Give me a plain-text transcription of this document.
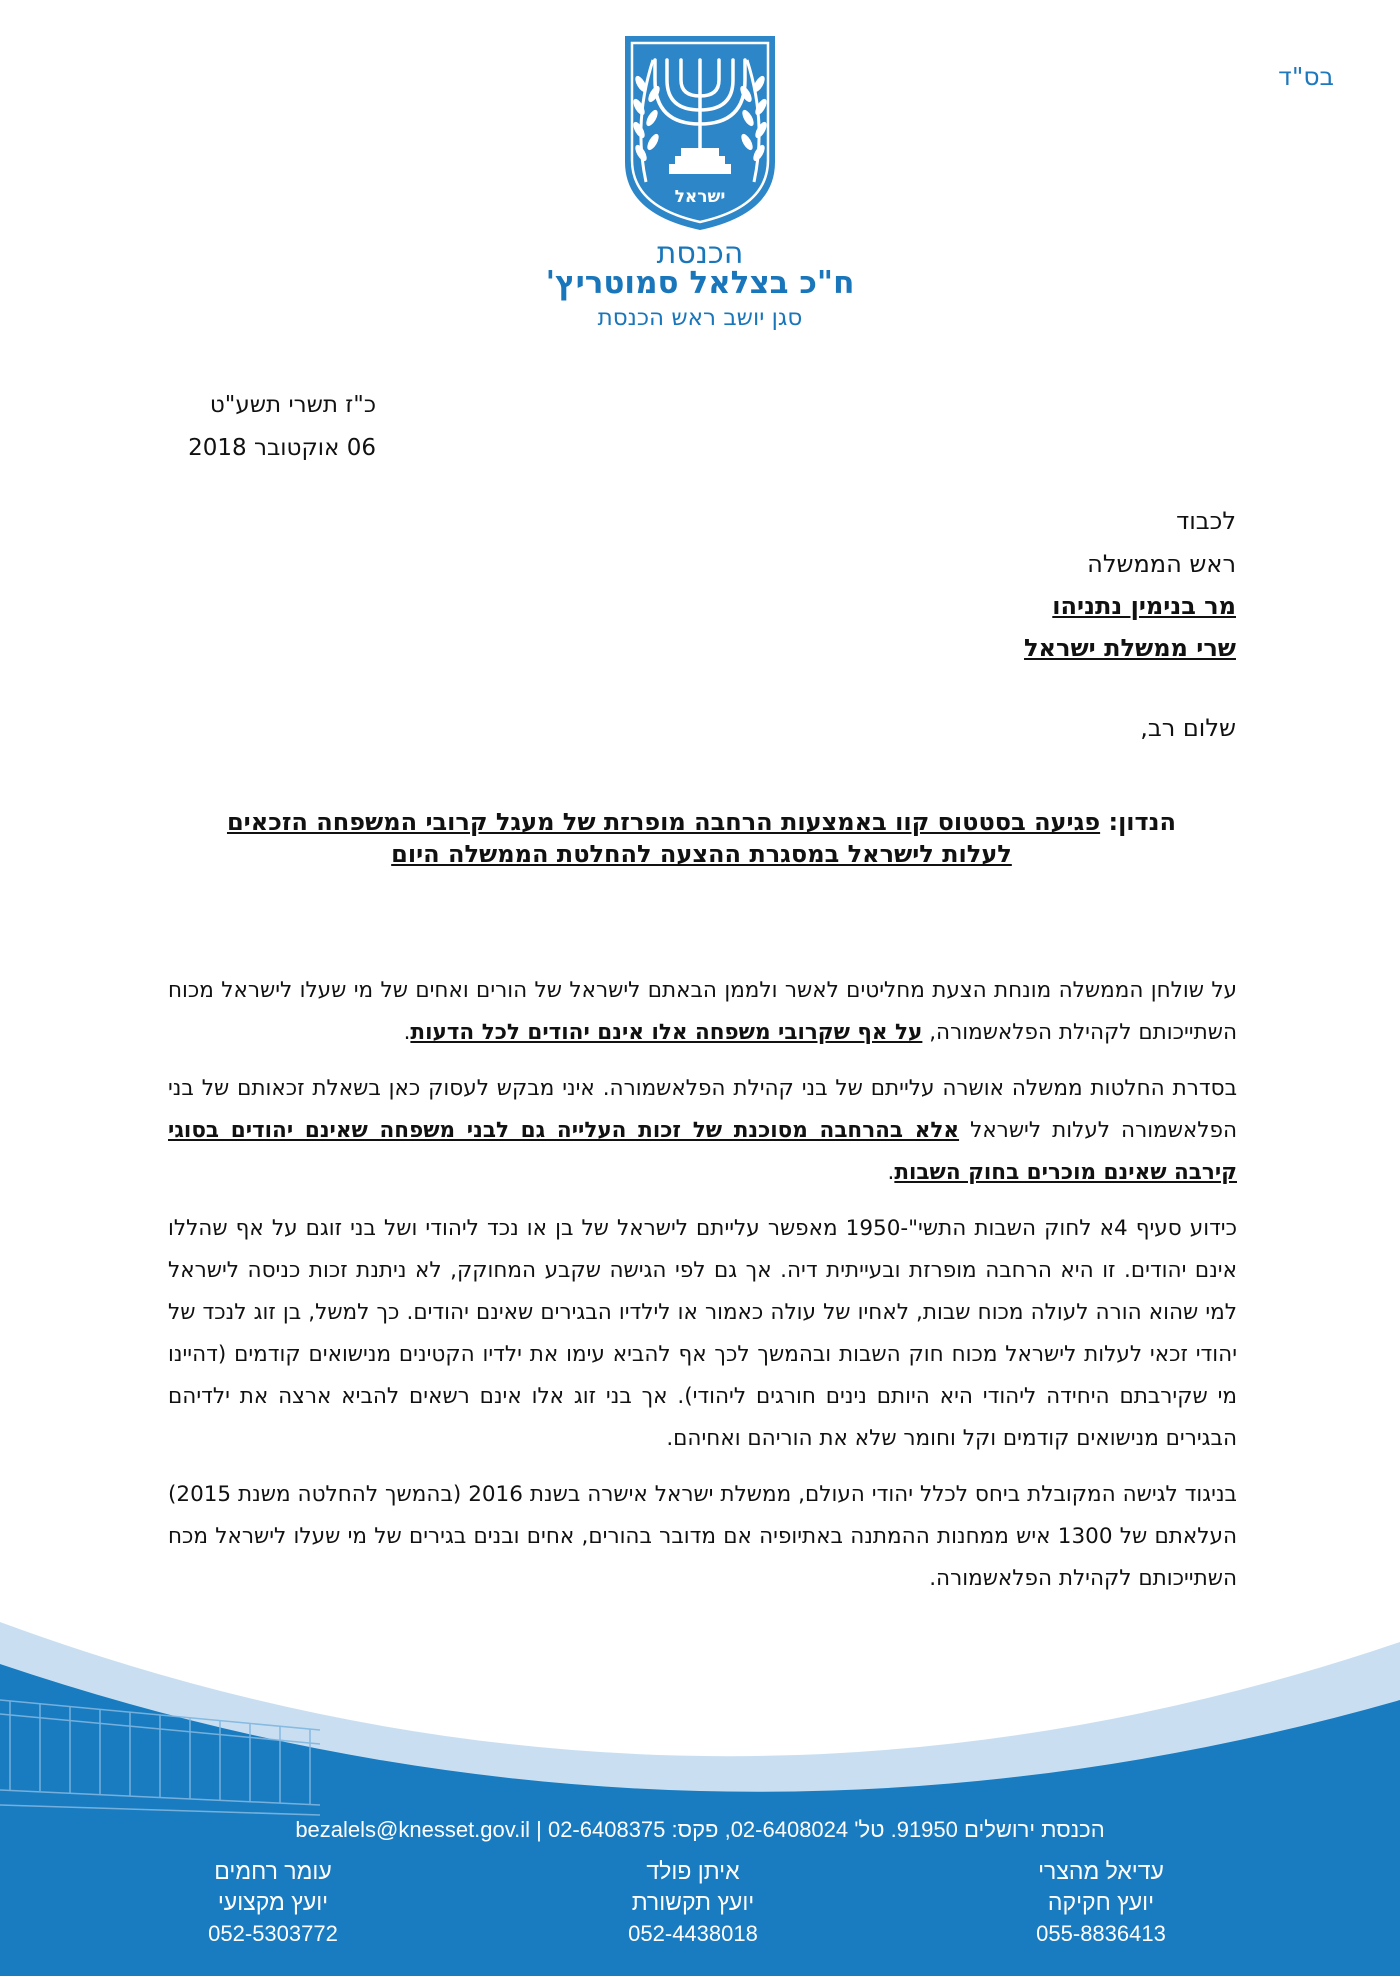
בס"ד
ישראל
הכנסת
ח"כ בצלאל סמוטריץ'
סגן יושב ראש הכנסת
כ"ז תשרי תשע"ט
06 אוקטובר 2018
לכבוד
ראש הממשלה
מר בנימין נתניהו
שרי ממשלת ישראל
שלום רב,
הנדון: פגיעה בסטטוס קוו באמצעות הרחבה מופרזת של מעגל קרובי המשפחה הזכאים
לעלות לישראל במסגרת ההצעה להחלטת הממשלה היום

על שולחן הממשלה מונחת הצעת מחליטים לאשר ולממן הבאתם לישראל של הורים ואחים של מי שעלו לישראל מכוח השתייכותם לקהילת הפלאשמורה, על אף שקרובי משפחה אלו אינם יהודים לכל הדעות.

בסדרת החלטות ממשלה אושרה עלייתם של בני קהילת הפלאשמורה. איני מבקש לעסוק כאן בשאלת זכאותם של בני הפלאשמורה לעלות לישראל אלא בהרחבה מסוכנת של זכות העלייה גם לבני משפחה שאינם יהודים בסוגי קירבה שאינם מוכרים בחוק השבות.

כידוע סעיף 4א לחוק השבות התשי"-1950 מאפשר עלייתם לישראל של בן או נכד ליהודי ושל בני זוגם על אף שהללו אינם יהודים. זו היא הרחבה מופרזת ובעייתית דיה. אך גם לפי הגישה שקבע המחוקק, לא ניתנת זכות כניסה לישראל למי שהוא הורה לעולה מכוח שבות, לאחיו של עולה כאמור או לילדיו הבגירים שאינם יהודים. כך למשל, בן זוג לנכד של יהודי זכאי לעלות לישראל מכוח חוק השבות ובהמשך לכך אף להביא עימו את ילדיו הקטינים מנישואים קודמים (דהיינו מי שקירבתם היחידה ליהודי היא היותם נינים חורגים ליהודי). אך בני זוג אלו אינם רשאים להביא ארצה את ילדיהם הבגירים מנישואים קודמים וקל וחומר שלא את הוריהם ואחיהם.

בניגוד לגישה המקובלת ביחס לכלל יהודי העולם, ממשלת ישראל אישרה בשנת 2016 (בהמשך להחלטה משנת 2015) העלאתם של 1300 איש ממחנות ההמתנה באתיופיה אם מדובר בהורים, אחים ובנים בגירים של מי שעלו לישראל מכח השתייכותם לקהילת הפלאשמורה.

bezalels@knesset.gov.il | 02-6408375 :הכנסת ירושלים 91950. טל' 02-6408024, פקס
עדיאל מהצרי
יועץ חקיקה
055-8836413
איתן פולד
יועץ תקשורת
052-4438018
עומר רחמים
יועץ מקצועי
052-5303772
